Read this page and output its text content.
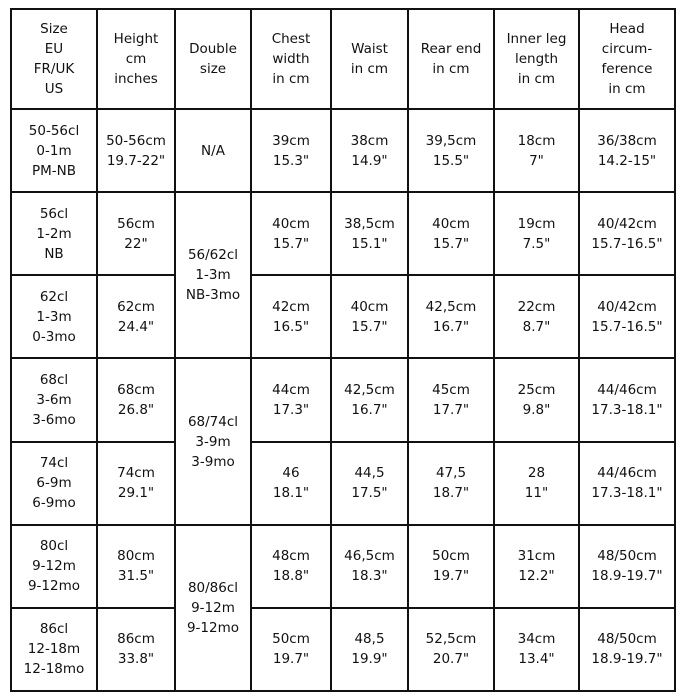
Size
EU
FR/UK
US	Height
cm
inches	Double
size	Chest
width
in cm	Waist
in cm	Rear end
in cm	Inner leg
length
in cm	Head
circum-
ference
in cm
50-56cl
0-1m
PM-NB	50-56cm
19.7-22"	N/A	39cm
15.3"	38cm
14.9"	39,5cm
15.5"	18cm
7"	36/38cm
14.2-15"
56cl
1-2m
NB	56cm
22"	56/62cl
1-3m
NB-3mo	40cm
15.7"	38,5cm
15.1"	40cm
15.7"	19cm
7.5"	40/42cm
15.7-16.5"
62cl
1-3m
0-3mo	62cm
24.4"		42cm
16.5"	40cm
15.7"	42,5cm
16.7"	22cm
8.7"	40/42cm
15.7-16.5"
68cl
3-6m
3-6mo	68cm
26.8"	68/74cl
3-9m
3-9mo	44cm
17.3"	42,5cm
16.7"	45cm
17.7"	25cm
9.8"	44/46cm
17.3-18.1"
74cl
6-9m
6-9mo	74cm
29.1"		46
18.1"	44,5
17.5"	47,5
18.7"	28
11"	44/46cm
17.3-18.1"
80cl
9-12m
9-12mo	80cm
31.5"	80/86cl
9-12m
9-12mo	48cm
18.8"	46,5cm
18.3"	50cm
19.7"	31cm
12.2"	48/50cm
18.9-19.7"
86cl
12-18m
12-18mo	86cm
33.8"		50cm
19.7"	48,5
19.9"	52,5cm
20.7"	34cm
13.4"	48/50cm
18.9-19.7"
